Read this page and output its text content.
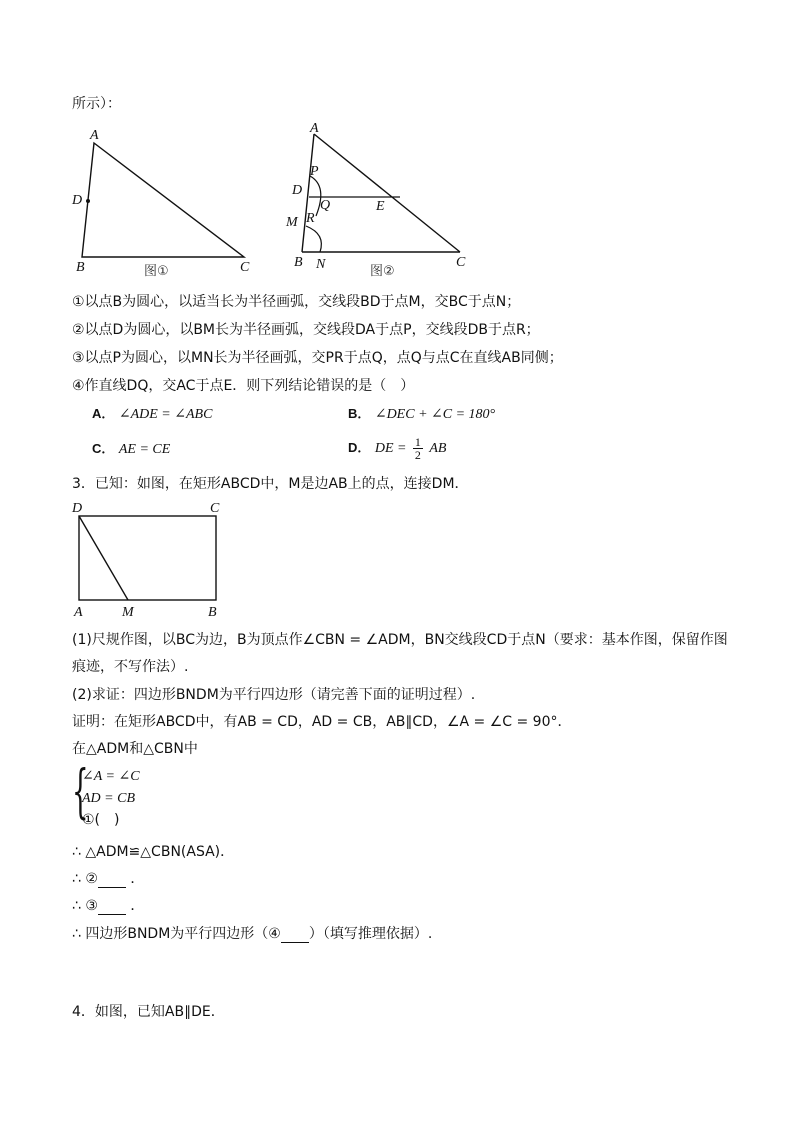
所示）：
A
D
B	C
图①
A
P
D
Q	E
R
M
B N	C
图②
①以点B为圆心，以适当长为半径画弧，交线段BD于点M，交BC于点N；
②以点D为圆心，以BM长为半径画弧，交线段DA于点P，交线段DB于点R；
③以点P为圆心，以MN长为半径画弧，交PR于点Q，点Q与点C在直线AB同侧；
④作直线DQ，交AC于点E．则下列结论错误的是（　）
A． ∠ADE = ∠ABC	B． ∠DEC + ∠C = 180°
C． AE = CE	D． DE = $\frac{1}{2}$ AB
3．已知：如图，在矩形ABCD中，M是边AB上的点，连接DM．
D	C
A	M	B
(1)尺规作图，以BC为边，B为顶点作∠CBN = ∠ADM，BN交线段CD于点N（要求：基本作图，保留作图
痕迹，不写作法）.
(2)求证：四边形BNDM为平行四边形（请完善下面的证明过程）.
证明：在矩形ABCD中，有AB = CD，AD = CB，AB∥CD，∠A = ∠C = 90°．
在△ADM和△CBN中
{
∠A = ∠C
AD = CB
①(　)
∴ △ADM≌△CBN(ASA)．
∴ ② ．
∴ ③ ．
∴ 四边形BNDM为平行四边形（④ ）（填写推理依据）.
4．如图，已知AB∥DE．
